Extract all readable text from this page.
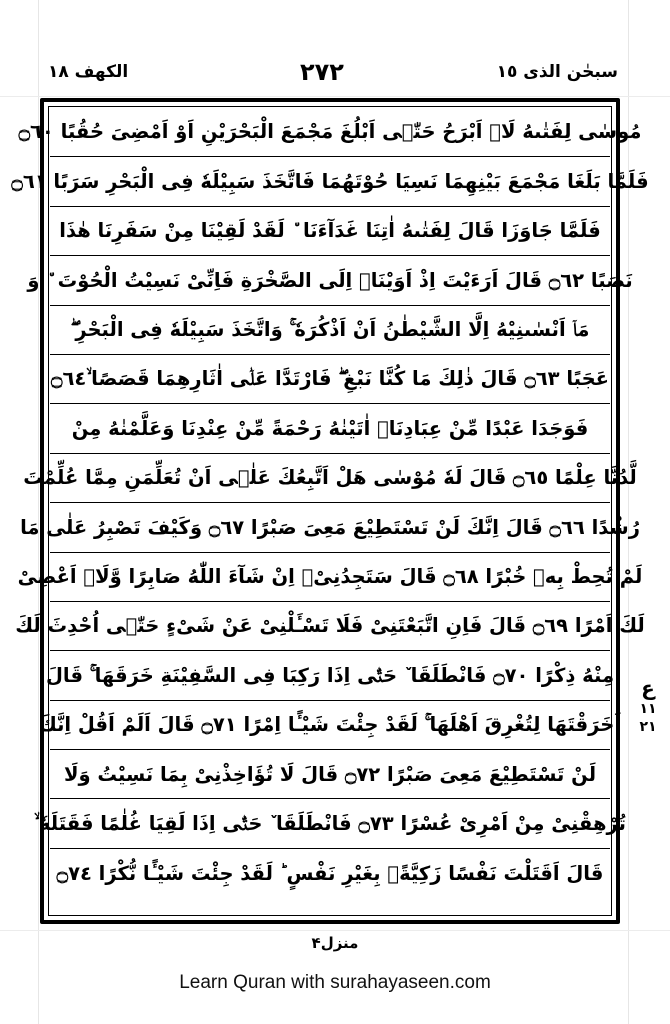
الكهف ١٨	٢٧٢	سبحٰن الذی ١٥
مُوسٰى لِفَتٰىهُ لَاۤ اَبْرَحُ حَتّٰۤى اَبْلُغَ مَجْمَعَ الْبَحْرَیْنِ اَوْ اَمْضِیَ حُقُبًا ۝٦٠
فَلَمَّا بَلَغَا مَجْمَعَ بَیْنِهِمَا نَسِیَا حُوْتَهُمَا فَاتَّخَذَ سَبِیْلَهٗ فِی الْبَحْرِ سَرَبًا ۝٦١
فَلَمَّا جَاوَزَا قَالَ لِفَتٰىهُ اٰتِنَا غَدَآءَنَا ٘ لَقَدْ لَقِیْنَا مِنْ سَفَرِنَا هٰذَا
نَصَبًا ۝٦٢ قَالَ اَرَءَیْتَ اِذْ اَوَیْنَاۤ اِلَى الصَّخْرَةِ فَاِنِّیْ نَسِیْتُ الْحُوْتَ ٘ وَ
مَاۤ اَنْسٰىنِیْهُ اِلَّا الشَّیْطٰنُ اَنْ اَذْكُرَهٗ ۚ وَاتَّخَذَ سَبِیْلَهٗ فِی الْبَحْرِ ۖ
عَجَبًا ۝٦٣ قَالَ ذٰلِكَ مَا كُنَّا نَبْغِ ۖ فَارْتَدَّا عَلٰۤى اٰثَارِهِمَا قَصَصًا ۙ۝٦٤
فَوَجَدَا عَبْدًا مِّنْ عِبَادِنَاۤ اٰتَیْنٰهُ رَحْمَةً مِّنْ عِنْدِنَا وَعَلَّمْنٰهُ مِنْ
لَّدُنَّا عِلْمًا ۝٦٥ قَالَ لَهٗ مُوْسٰى هَلْ اَتَّبِعُكَ عَلٰۤى اَنْ تُعَلِّمَنِ مِمَّا عُلِّمْتَ
رُشْدًا ۝٦٦ قَالَ اِنَّكَ لَنْ تَسْتَطِیْعَ مَعِیَ صَبْرًا ۝٦٧ وَكَیْفَ تَصْبِرُ عَلٰى مَا
لَمْ تُحِطْ بِهٖ خُبْرًا ۝٦٨ قَالَ سَتَجِدُنِیْۤ اِنْ شَآءَ اللّٰهُ صَابِرًا وَّلَاۤ اَعْصِیْ
لَكَ اَمْرًا ۝٦٩ قَالَ فَاِنِ اتَّبَعْتَنِیْ فَلَا تَسْـَٔلْنِیْ عَنْ شَیْءٍ حَتّٰۤى اُحْدِثَ لَكَ
مِنْهُ ذِكْرًا ۝٧٠ فَانْطَلَقَا ٚ حَتّٰۤى اِذَا رَكِبَا فِی السَّفِیْنَةِ خَرَقَهَا ۚ قَالَ
اَخَرَقْتَهَا لِتُغْرِقَ اَهْلَهَا ۚ لَقَدْ جِئْتَ شَیْـًٔا اِمْرًا ۝٧١ قَالَ اَلَمْ اَقُلْ اِنَّكَ
لَنْ تَسْتَطِیْعَ مَعِیَ صَبْرًا ۝٧٢ قَالَ لَا تُؤَاخِذْنِیْ بِمَا نَسِیْتُ وَلَا
تُرْهِقْنِیْ مِنْ اَمْرِیْ عُسْرًا ۝٧٣ فَانْطَلَقَا ٚ حَتّٰۤى اِذَا لَقِیَا غُلٰمًا فَقَتَلَهٗ ۙ
قَالَ اَقَتَلْتَ نَفْسًا زَكِیَّةًۢ بِغَیْرِ نَفْسٍ ؕ لَقَدْ جِئْتَ شَیْـًٔا نُّكْرًا ۝٧٤
ع
١١
٢١
منزل۴
Learn Quran with surahayaseen.com
